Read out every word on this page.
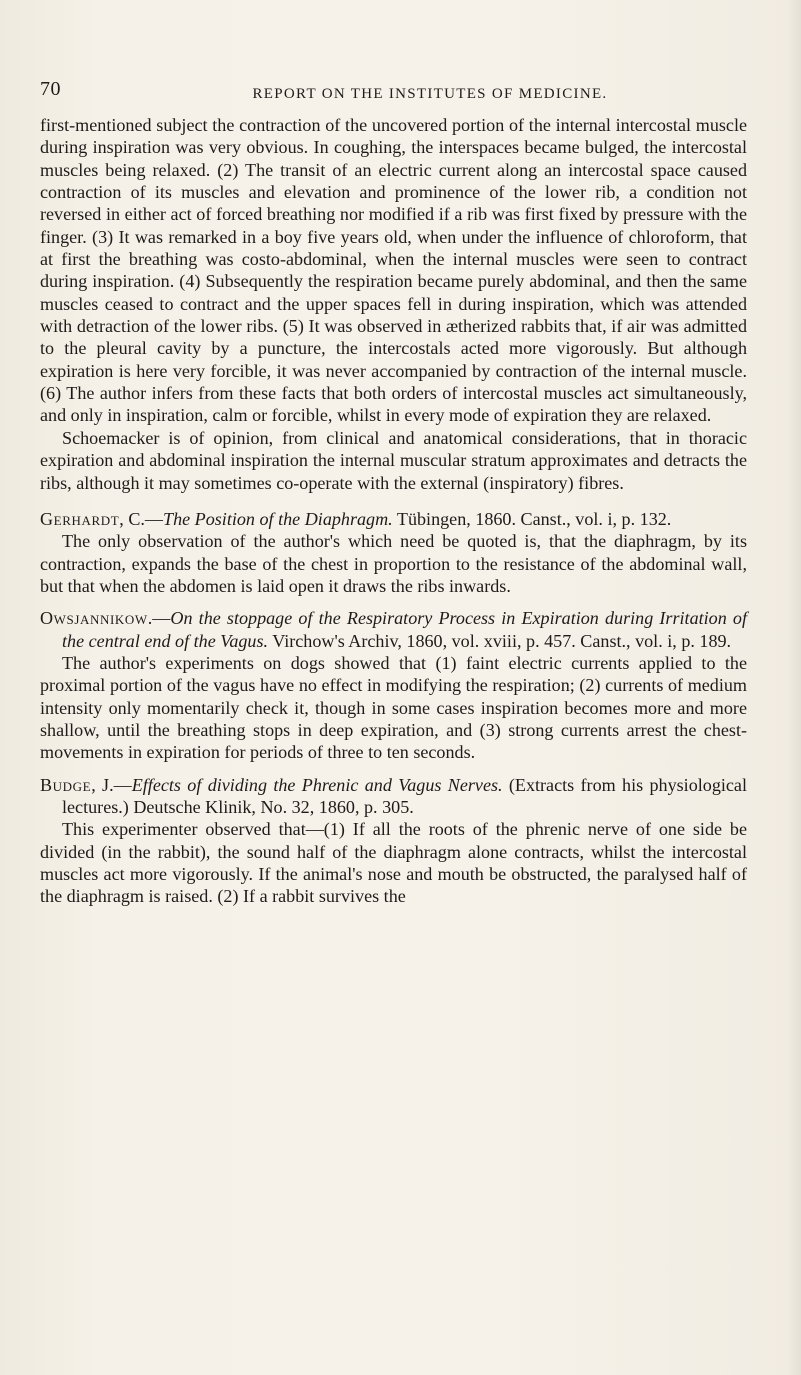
70	REPORT ON THE INSTITUTES OF MEDICINE.

first-mentioned subject the contraction of the uncovered portion of the internal intercostal muscle during inspiration was very obvious. In coughing, the interspaces became bulged, the intercostal muscles being relaxed. (2) The transit of an electric current along an intercostal space caused contraction of its muscles and elevation and prominence of the lower rib, a condition not reversed in either act of forced breathing nor modified if a rib was first fixed by pressure with the finger. (3) It was remarked in a boy five years old, when under the influence of chloroform, that at first the breathing was costo-abdominal, when the internal muscles were seen to contract during inspiration. (4) Subsequently the respiration became purely abdominal, and then the same muscles ceased to contract and the upper spaces fell in during inspiration, which was attended with detraction of the lower ribs. (5) It was observed in ætherized rabbits that, if air was admitted to the pleural cavity by a puncture, the intercostals acted more vigorously. But although expiration is here very forcible, it was never accompanied by contraction of the internal muscle. (6) The author infers from these facts that both orders of intercostal muscles act simultaneously, and only in inspiration, calm or forcible, whilst in every mode of expiration they are relaxed.

Schoemacker is of opinion, from clinical and anatomical considerations, that in thoracic expiration and abdominal inspiration the internal muscular stratum approximates and detracts the ribs, although it may sometimes co-operate with the external (inspiratory) fibres.

Gerhardt, C.—The Position of the Diaphragm. Tübingen, 1860. Canst., vol. i, p. 132.

The only observation of the author's which need be quoted is, that the diaphragm, by its contraction, expands the base of the chest in proportion to the resistance of the abdominal wall, but that when the abdomen is laid open it draws the ribs inwards.

Owsjannikow.—On the stoppage of the Respiratory Process in Expiration during Irritation of the central end of the Vagus. Virchow's Archiv, 1860, vol. xviii, p. 457. Canst., vol. i, p. 189.

The author's experiments on dogs showed that (1) faint electric currents applied to the proximal portion of the vagus have no effect in modifying the respiration; (2) currents of medium intensity only momentarily check it, though in some cases inspiration becomes more and more shallow, until the breathing stops in deep expiration, and (3) strong currents arrest the chest-movements in expiration for periods of three to ten seconds.

Budge, J.—Effects of dividing the Phrenic and Vagus Nerves. (Extracts from his physiological lectures.) Deutsche Klinik, No. 32, 1860, p. 305.

This experimenter observed that—(1) If all the roots of the phrenic nerve of one side be divided (in the rabbit), the sound half of the diaphragm alone contracts, whilst the intercostal muscles act more vigorously. If the animal's nose and mouth be obstructed, the paralysed half of the diaphragm is raised. (2) If a rabbit survives the
